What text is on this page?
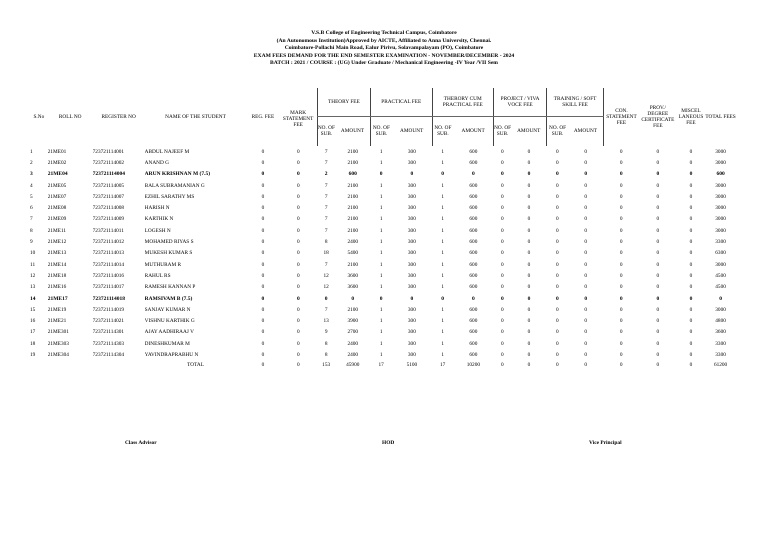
V.S.B College of Engineering Technical Campus, Coimbatore
(An Autonomous Institution)Approved by AICTE, Affiliated to Anna University, Chennai.
Coimbatore-Pollachi Main Road, Ealur Pirivu, Solavampalayam (PO), Coimbatore
EXAM FEES DEMAND FOR THE END SEMESTER EXAMINATION - NOVEMBER/DECEMBER - 2024
BATCH : 2021 / COURSE : (UG) Under Graduate / Mechanical Engineering -IV Year /VII Sem
S.No	ROLL NO	REGISTER NO	NAME OF THE STUDENT	REG. FEE	MARK STATEMENT FEE	THEORY FEE		PRACTICAL FEE		THERORY CUM PRACTICAL FEE		PROJECT / VIVA VOCE FEE		TRAINING / SOFT SKILL FEE		CON. STATEMENT FEE	PROV./ DEGREE CERTIFICATE FEE	MISCEL LANEOUS FEE	TOTAL FEES
						NO. OF SUB.	AMOUNT	NO. OF SUB.	AMOUNT	NO. OF SUB.	AMOUNT	NO. OF SUB.	AMOUNT	NO. OF SUB.	AMOUNT				
1	21ME01	723721114001	ABDUL NAJEEF M	0	0	7	2100	1	300	1	600	0	0	0	0	0	0	0	3000
2	21ME02	723721114002	ANAND G	0	0	7	2100	1	300	1	600	0	0	0	0	0	0	0	3000
3	21ME04	723721114004	ARUN KRISHNAN M (7.5)	0	0	2	600	0	0	0	0	0	0	0	0	0	0	0	600
4	21ME05	723721114005	BALA SUBRAMANIAN G	0	0	7	2100	1	300	1	600	0	0	0	0	0	0	0	3000
5	21ME07	723721114007	EZHIL SARATHY MS	0	0	7	2100	1	300	1	600	0	0	0	0	0	0	0	3000
6	21ME08	723721114008	HARISH N	0	0	7	2100	1	300	1	600	0	0	0	0	0	0	0	3000
7	21ME09	723721114009	KARTHIK N	0	0	7	2100	1	300	1	600	0	0	0	0	0	0	0	3000
8	21ME11	723721114011	LOGESH N	0	0	7	2100	1	300	1	600	0	0	0	0	0	0	0	3000
9	21ME12	723721114012	MOHAMED RIYAS S	0	0	8	2400	1	300	1	600	0	0	0	0	0	0	0	3300
10	21ME13	723721114013	MUKESH KUMAR S	0	0	18	5400	1	300	1	600	0	0	0	0	0	0	0	6300
11	21ME14	723721114014	MUTHURAM R	0	0	7	2100	1	300	1	600	0	0	0	0	0	0	0	3000
12	21ME18	723721114016	RAHUL RS	0	0	12	3600	1	300	1	600	0	0	0	0	0	0	0	4500
13	21ME16	723721114017	RAMESH KANNAN P	0	0	12	3600	1	300	1	600	0	0	0	0	0	0	0	4500
14	21ME17	723721114018	RAMSIVAM B (7.5)	0	0	0	0	0	0	0	0	0	0	0	0	0	0	0	0
15	21ME19	723721114019	SANJAY KUMAR N	0	0	7	2100	1	300	1	600	0	0	0	0	0	0	0	3000
16	21ME21	723721114021	VISHNU KARTHIK G	0	0	13	3900	1	300	1	600	0	0	0	0	0	0	0	4800
17	21ME301	723721114301	AJAY AADHIRAAJ V	0	0	9	2700	1	300	1	600	0	0	0	0	0	0	0	3600
18	21ME303	723721114303	DINESHKUMAR M	0	0	8	2400	1	300	1	600	0	0	0	0	0	0	0	3300
19	21ME304	723721114304	YAVINDRAPRABHU N	0	0	8	2400	1	300	1	600	0	0	0	0	0	0	0	3300
			TOTAL	0	0	153	45900	17	5100	17	10200	0	0	0	0	0	0	0	61200
Class Advisor	HOD	Vice Principal
